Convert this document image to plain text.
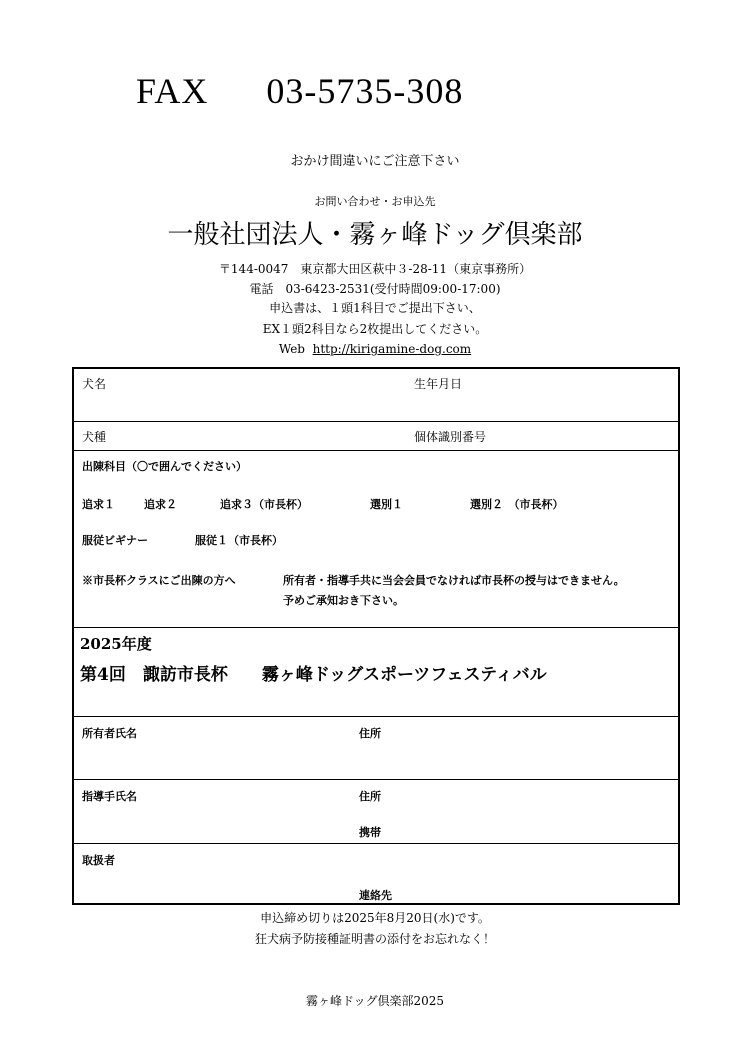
FAX 03-5735-308
おかけ間違いにご注意下さい
お問い合わせ・お申込先
一般社団法人・霧ヶ峰ドッグ倶楽部
〒144-0047　東京都大田区萩中３-28-11（東京事務所）
電話　03-6423-2531(受付時間09:00-17:00)
申込書は、１頭1科目でご提出下さい、
EX１頭2科目なら2枚提出してください。
Web http://kirigamine-dog.com
犬名	生年月日
犬種	個体識別番号
出陳科目（〇で囲んでください）
追求１	追求２	追求３（市長杯）	選別１	選別２　（市長杯）
服従ビギナー	服従１（市長杯）
※市長杯クラスにご出陳の方へ	所有者・指導手共に当会会員でなければ市長杯の授与はできません。
予めご承知おき下さい。
2025年度
第4回　諏訪市長杯　　霧ヶ峰ドッグスポーツフェスティバル
所有者氏名	住所
指導手氏名	住所
携帯
取扱者
連絡先
申込締め切りは2025年8月20日(水)です。
狂犬病予防接種証明書の添付をお忘れなく！
霧ヶ峰ドッグ倶楽部2025
